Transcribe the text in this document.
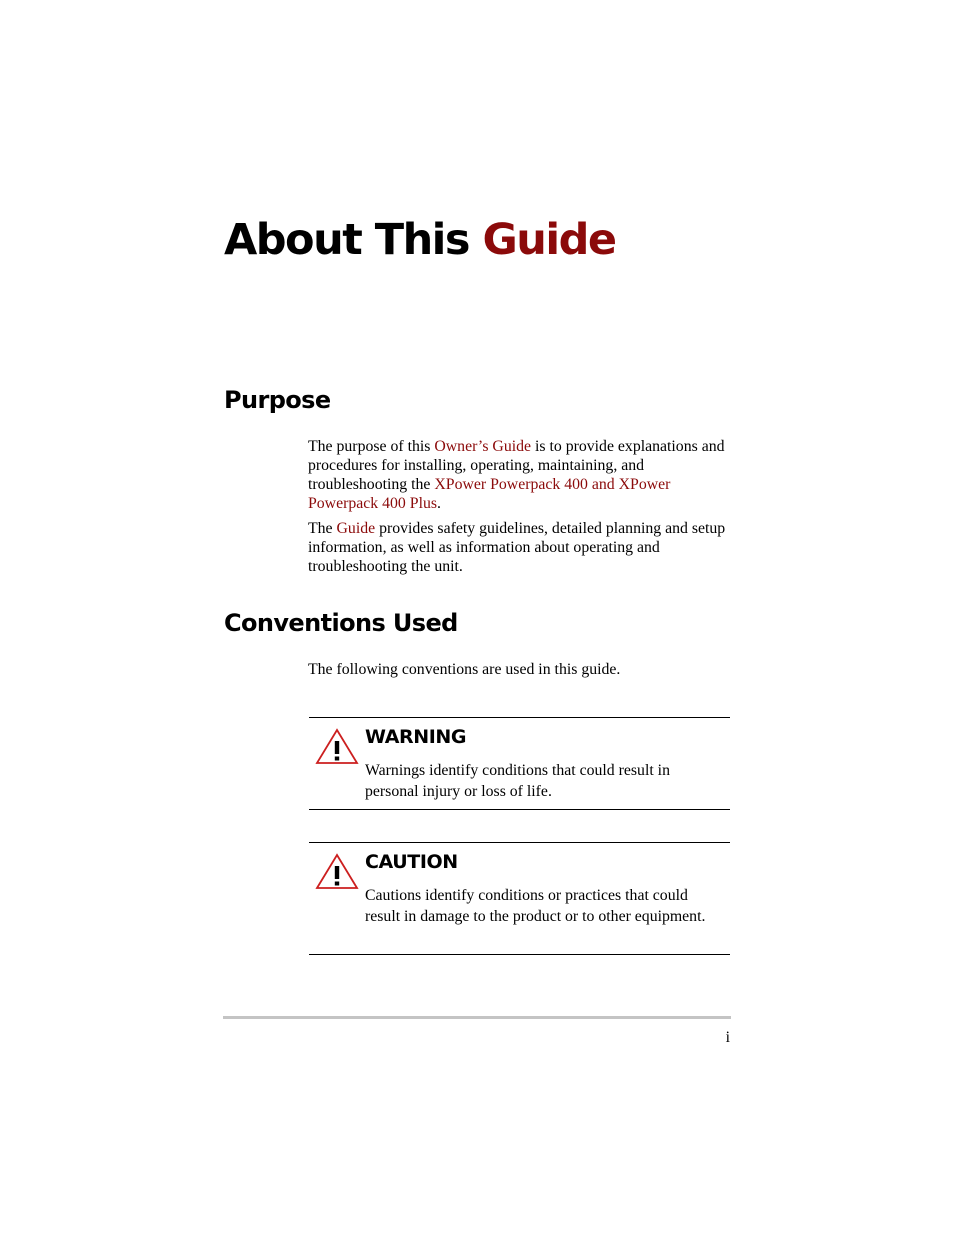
About This Guide
Purpose

The purpose of this Owner’s Guide is to provide explanations and procedures for installing, operating, maintaining, and troubleshooting the XPower Powerpack 400 and XPower Powerpack 400 Plus.

The Guide provides safety guidelines, detailed planning and setup information, as well as information about operating and troubleshooting the unit.

Conventions Used
The following conventions are used in this guide.
WARNING

Warnings identify conditions that could result in personal injury or loss of life.

CAUTION

Cautions identify conditions or practices that could result in damage to the product or to other equipment.

i
